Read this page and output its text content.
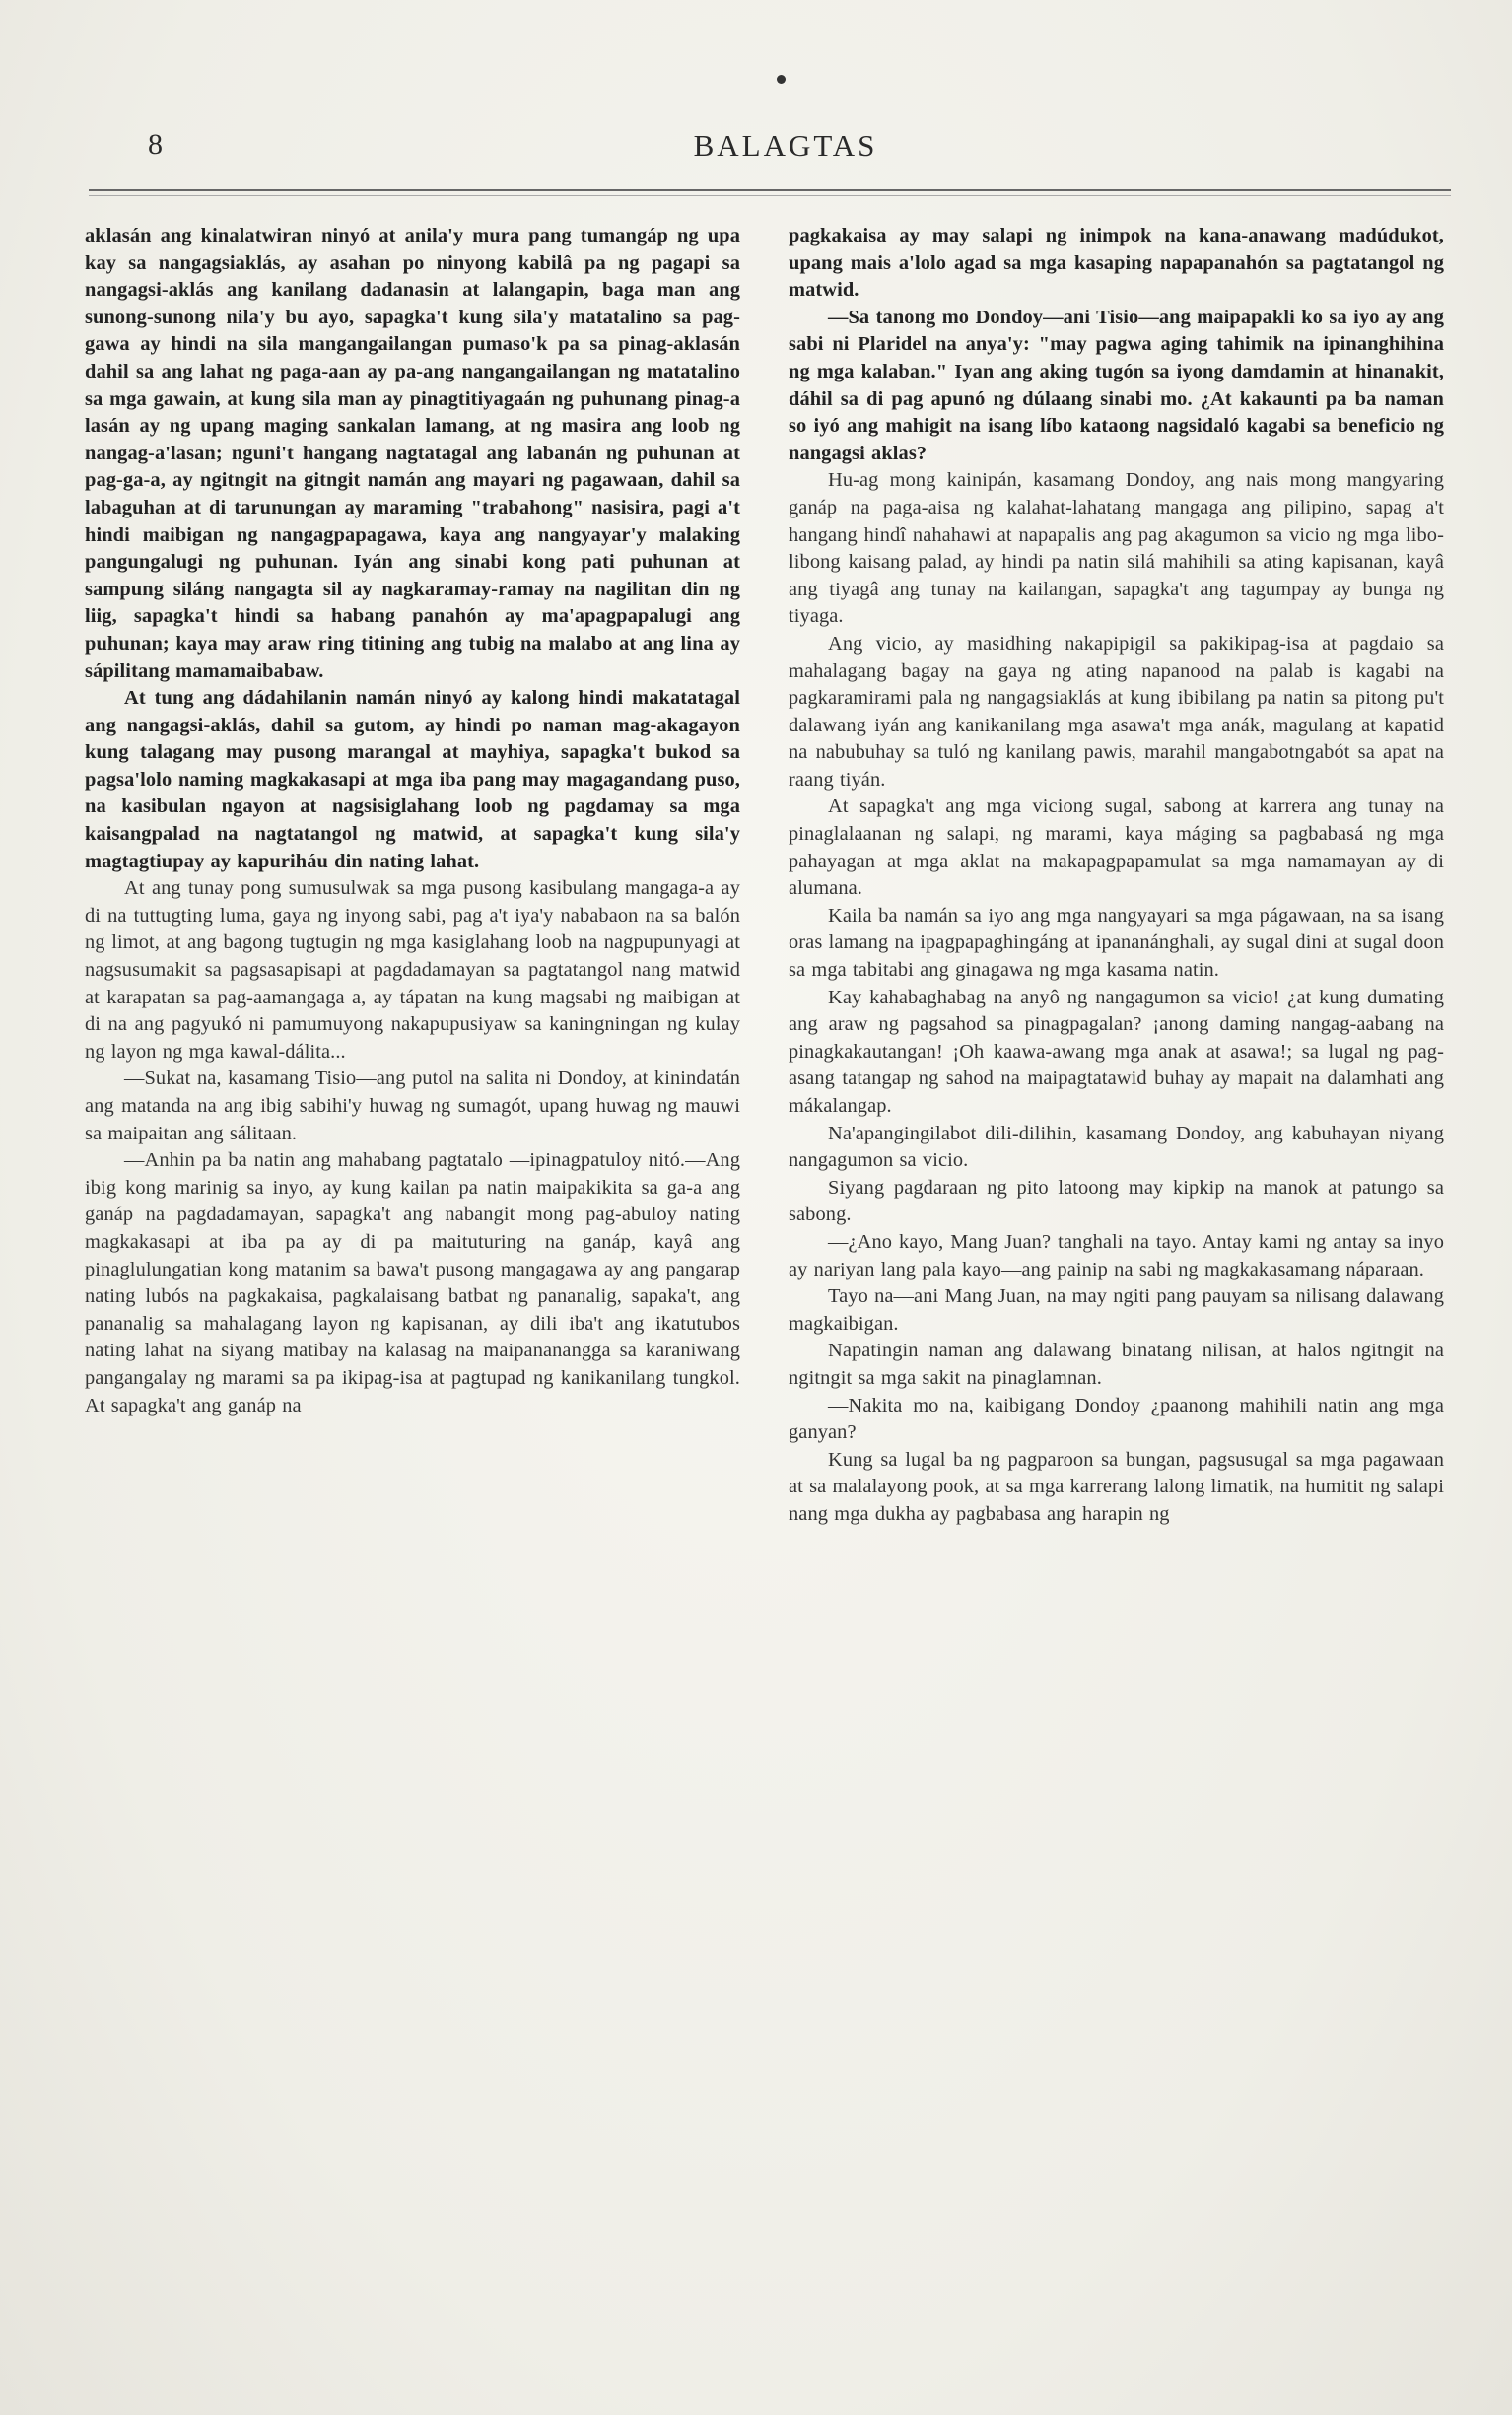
8	BALAGTAS

aklasán ang kinalatwiran ninyó at anila'y mura pang tumangáp ng upa kay sa nangagsiaklás, ay asahan po ninyong kabilâ pa ng pagapi sa nangagsi-aklás ang kanilang dadanasin at lalangapin, baga man ang sunong-sunong nila'y bu ayo, sapagka't kung sila'y matatalino sa pag-gawa ay hindi na sila mangangailangan pumaso'k pa sa pinag-aklasán dahil sa ang lahat ng paga-aan ay pa-ang nangangailangan ng matatalino sa mga gawain, at kung sila man ay pinagtitiyagaán ng puhunang pinag-a lasán ay ng upang maging sankalan lamang, at ng masira ang loob ng nangag-a'lasan; nguni't hangang nagtatagal ang labanán ng puhunan at pag-ga-a, ay ngitngit na gitngit namán ang mayari ng pagawaan, dahil sa labaguhan at di tarunungan ay maraming "trabahong" nasisira, pagi a't hindi maibigan ng nangagpapagawa, kaya ang nangyayar'y malaking pangungalugi ng puhunan. Iyán ang sinabi kong pati puhunan at sampung siláng nangagta sil ay nagkaramay-ramay na nagilitan din ng liig, sapagka't hindi sa habang panahón ay ma'apagpapalugi ang puhunan; kaya may araw ring titining ang tubig na malabo at ang lina ay sápilitang mamamaibabaw.

At tung ang dádahilanin namán ninyó ay kalong hindi makatatagal ang nangagsi-aklás, dahil sa gutom, ay hindi po naman mag-akagayon kung talagang may pusong marangal at mayhiya, sapagka't bukod sa pagsa'lolo naming magkakasapi at mga iba pang may magagandang puso, na kasibulan ngayon at nagsisiglahang loob ng pagdamay sa mga kaisangpalad na nagtatangol ng matwid, at sapagka't kung sila'y magtagtiupay ay kapuriháu din nating lahat.

At ang tunay pong sumusulwak sa mga pusong kasibulang mangaga-a ay di na tuttugting luma, gaya ng inyong sabi, pag a't iya'y nababaon na sa balón ng limot, at ang bagong tugtugin ng mga kasiglahang loob na nagpupunyagi at nagsusumakit sa pagsasapisapi at pagdadamayan sa pagtatangol nang matwid at karapatan sa pag-aamangaga a, ay tápatan na kung magsabi ng maibigan at di na ang pagyukó ni pamumuyong nakapupusiyaw sa kaningningan ng kulay ng layon ng mga kawal-dálita...

—Sukat na, kasamang Tisio—ang putol na salita ni Dondoy, at kinindatán ang matanda na ang ibig sabihi'y huwag ng sumagót, upang huwag ng mauwi sa maipaitan ang sálitaan.

—Anhin pa ba natin ang mahabang pagtatalo —ipinagpatuloy nitó.—Ang ibig kong marinig sa inyo, ay kung kailan pa natin maipakikita sa ga-a ang ganáp na pagdadamayan, sapagka't ang nabangit mong pag-abuloy nating magkakasapi at iba pa ay di pa maituturing na ganáp, kayâ ang pinaglulungatian kong matanim sa bawa't pusong mangagawa ay ang pangarap nating lubós na pagkakaisa, pagkalaisang batbat ng pananalig, sapaka't, ang pananalig sa mahalagang layon ng kapisanan, ay dili iba't ang ikatutubos nating lahat na siyang matibay na kalasag na maipananangga sa karaniwang pangangalay ng marami sa pa ikipag-isa at pagtupad ng kanikanilang tungkol. At sapagka't ang ganáp na

pagkakaisa ay may salapi ng inimpok na kana-anawang madúdukot, upang mais a'lolo agad sa mga kasaping napapanahón sa pagtatangol ng matwid.

—Sa tanong mo Dondoy—ani Tisio—ang maipapakli ko sa iyo ay ang sabi ni Plaridel na anya'y: "may pagwa aging tahimik na ipinanghihina ng mga kalaban." Iyan ang aking tugón sa iyong damdamin at hinanakit, dáhil sa di pag apunó ng dúlaang sinabi mo. ¿At kakaunti pa ba naman so iyó ang mahigit na isang líbo kataong nagsidaló kagabi sa beneficio ng nangagsi aklas?

Hu-ag mong kainipán, kasamang Dondoy, ang nais mong mangyaring ganáp na paga-aisa ng kalahat-lahatang mangaga ang pilipino, sapag a't hangang hindî nahahawi at napapalis ang pag akagumon sa vicio ng mga libo-libong kaisang palad, ay hindi pa natin silá mahihili sa ating kapisanan, kayâ ang tiyagâ ang tunay na kailangan, sapagka't ang tagumpay ay bunga ng tiyaga.

Ang vicio, ay masidhing nakapipigil sa pakikipag-isa at pagdaio sa mahalagang bagay na gaya ng ating napanood na palab is kagabi na pagkaramirami pala ng nangagsiaklás at kung ibibilang pa natin sa pitong pu't dalawang iyán ang kanikanilang mga asawa't mga anák, magulang at kapatid na nabubuhay sa tuló ng kanilang pawis, marahil mangabotngabót sa apat na raang tiyán.

At sapagka't ang mga viciong sugal, sabong at karrera ang tunay na pinaglalaanan ng salapi, ng marami, kaya máging sa pagbabasá ng mga pahayagan at mga aklat na makapagpapamulat sa mga namamayan ay di alumana.

Kaila ba namán sa iyo ang mga nangyayari sa mga págawaan, na sa isang oras lamang na ipagpapaghingáng at ipananánghali, ay sugal dini at sugal doon sa mga tabitabi ang ginagawa ng mga kasama natin.

Kay kahabaghabag na anyô ng nangagumon sa vicio! ¿at kung dumating ang araw ng pagsahod sa pinagpagalan? ¡anong daming nangag-aabang na pinagkakautangan! ¡Oh kaawa-awang mga anak at asawa!; sa lugal ng pag-asang tatangap ng sahod na maipagtatawid buhay ay mapait na dalamhati ang mákalangap.

Na'apangingilabot dili-dilihin, kasamang Dondoy, ang kabuhayan niyang nangagumon sa vicio.

Siyang pagdaraan ng pito latoong may kipkip na manok at patungo sa sabong.

—¿Ano kayo, Mang Juan? tanghali na tayo. Antay kami ng antay sa inyo ay nariyan lang pala kayo—ang painip na sabi ng magkakasamang náparaan.

Tayo na—ani Mang Juan, na may ngiti pang pauyam sa nilisang dalawang magkaibigan.

Napatingin naman ang dalawang binatang nilisan, at halos ngitngit na ngitngit sa mga sakit na pinaglamnan.

—Nakita mo na, kaibigang Dondoy ¿paanong mahihili natin ang mga ganyan?

Kung sa lugal ba ng pagparoon sa bungan, pagsusugal sa mga pagawaan at sa malalayong pook, at sa mga karrerang lalong limatik, na humitit ng salapi nang mga dukha ay pagbabasa ang harapin ng
